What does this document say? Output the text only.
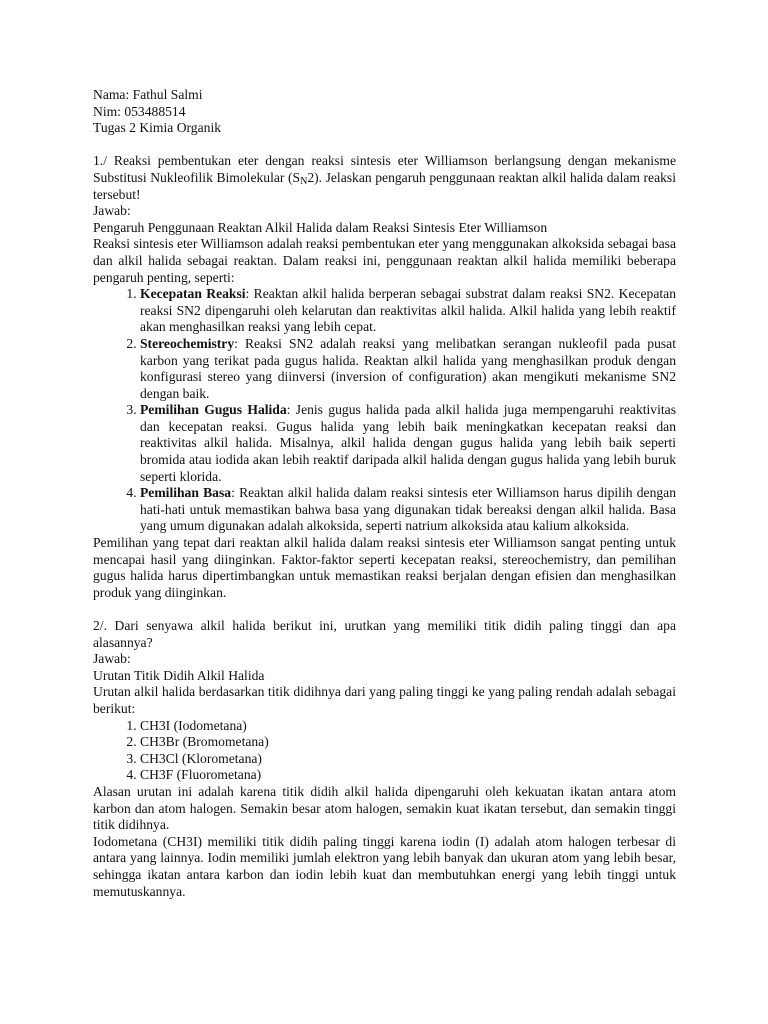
Nama: Fathul Salmi

Nim: 053488514

Tugas 2 Kimia Organik

1./ Reaksi pembentukan eter dengan reaksi sintesis eter Williamson berlangsung dengan mekanisme Substitusi Nukleofilik Bimolekular $(S_N2)$. Jelaskan pengaruh penggunaan reaktan alkil halida dalam reaksi tersebut!

Jawab:

Pengaruh Penggunaan Reaktan Alkil Halida dalam Reaksi Sintesis Eter Williamson

Reaksi sintesis eter Williamson adalah reaksi pembentukan eter yang menggunakan alkoksida sebagai basa dan alkil halida sebagai reaktan. Dalam reaksi ini, penggunaan reaktan alkil halida memiliki beberapa pengaruh penting, seperti:

1. Kecepatan Reaksi: Reaktan alkil halida berperan sebagai substrat dalam reaksi SN2. Kecepatan reaksi SN2 dipengaruhi oleh kelarutan dan reaktivitas alkil halida. Alkil halida yang lebih reaktif akan menghasilkan reaksi yang lebih cepat.
2. Stereochemistry: Reaksi SN2 adalah reaksi yang melibatkan serangan nukleofil pada pusat karbon yang terikat pada gugus halida. Reaktan alkil halida yang menghasilkan produk dengan konfigurasi stereo yang diinversi (inversion of configuration) akan mengikuti mekanisme SN2 dengan baik.
3. Pemilihan Gugus Halida: Jenis gugus halida pada alkil halida juga mempengaruhi reaktivitas dan kecepatan reaksi. Gugus halida yang lebih baik meningkatkan kecepatan reaksi dan reaktivitas alkil halida. Misalnya, alkil halida dengan gugus halida yang lebih baik seperti bromida atau iodida akan lebih reaktif daripada alkil halida dengan gugus halida yang lebih buruk seperti klorida.
4. Pemilihan Basa: Reaktan alkil halida dalam reaksi sintesis eter Williamson harus dipilih dengan hati-hati untuk memastikan bahwa basa yang digunakan tidak bereaksi dengan alkil halida. Basa yang umum digunakan adalah alkoksida, seperti natrium alkoksida atau kalium alkoksida.

Pemilihan yang tepat dari reaktan alkil halida dalam reaksi sintesis eter Williamson sangat penting untuk mencapai hasil yang diinginkan. Faktor-faktor seperti kecepatan reaksi, stereochemistry, dan pemilihan gugus halida harus dipertimbangkan untuk memastikan reaksi berjalan dengan efisien dan menghasilkan produk yang diinginkan.

2/. Dari senyawa alkil halida berikut ini, urutkan yang memiliki titik didih paling tinggi dan apa alasannya?

Jawab:

Urutan Titik Didih Alkil Halida

Urutan alkil halida berdasarkan titik didihnya dari yang paling tinggi ke yang paling rendah adalah sebagai berikut:

1. CH3I (Iodometana)
2. CH3Br (Bromometana)
3. CH3Cl (Klorometana)
4. CH3F (Fluorometana)

Alasan urutan ini adalah karena titik didih alkil halida dipengaruhi oleh kekuatan ikatan antara atom karbon dan atom halogen. Semakin besar atom halogen, semakin kuat ikatan tersebut, dan semakin tinggi titik didihnya.

Iodometana (CH3I) memiliki titik didih paling tinggi karena iodin (I) adalah atom halogen terbesar di antara yang lainnya. Iodin memiliki jumlah elektron yang lebih banyak dan ukuran atom yang lebih besar, sehingga ikatan antara karbon dan iodin lebih kuat dan membutuhkan energi yang lebih tinggi untuk memutuskannya.
